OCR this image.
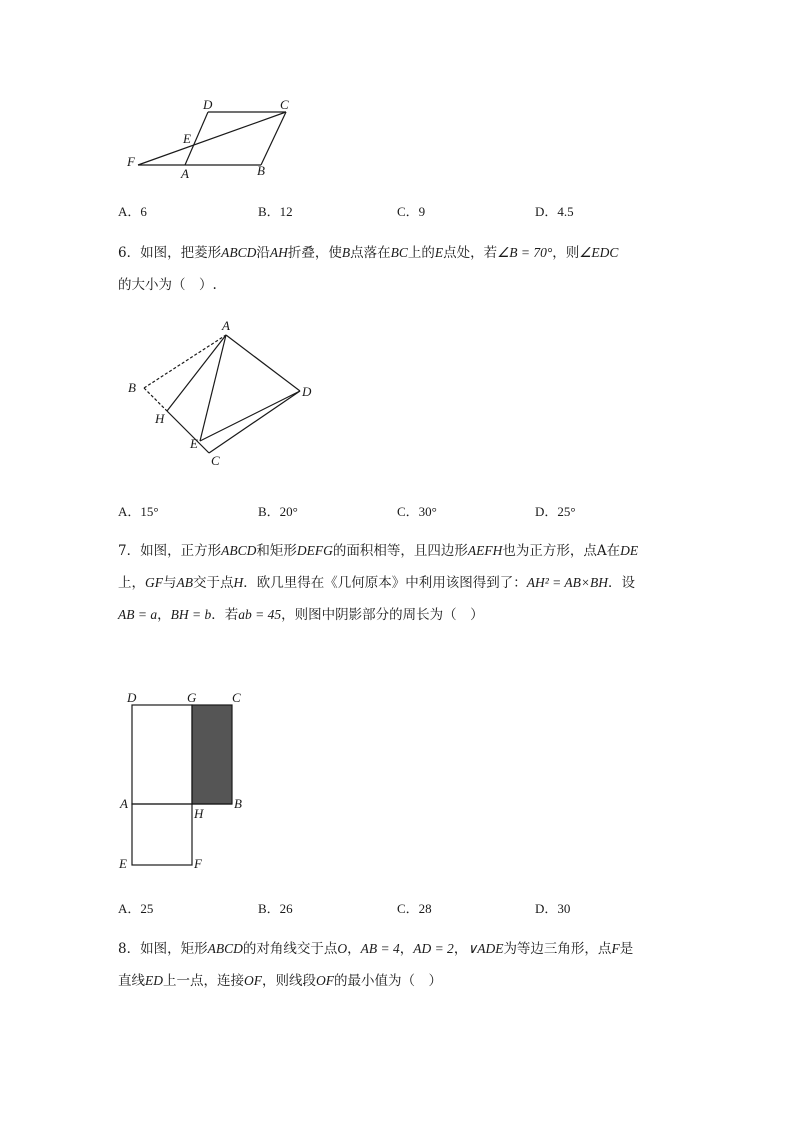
D	C
E
F
A	B
A．6	B．12	C．9	D．4.5
6．如图，把菱形ABCD沿AH折叠，使B点落在BC上的E点处，若∠B = 70°，则∠EDC
的大小为（　）.
A
B
H
E
C
D
A．15°	B．20°	C．30°	D．25°
7．如图，正方形ABCD和矩形DEFG的面积相等，且四边形AEFH也为正方形，点A在DE
上，GF与AB交于点H．欧几里得在《几何原本》中利用该图得到了：AH² = AB×BH．设
AB = a，BH = b．若ab = 45，则图中阴影部分的周长为（　）
D	G	C
A
H
B
E	F
A．25	B．26	C．28	D．30
8．如图，矩形ABCD的对角线交于点O，AB = 4，AD = 2，∨ADE为等边三角形，点F是
直线ED上一点，连接OF，则线段OF的最小值为（　）
